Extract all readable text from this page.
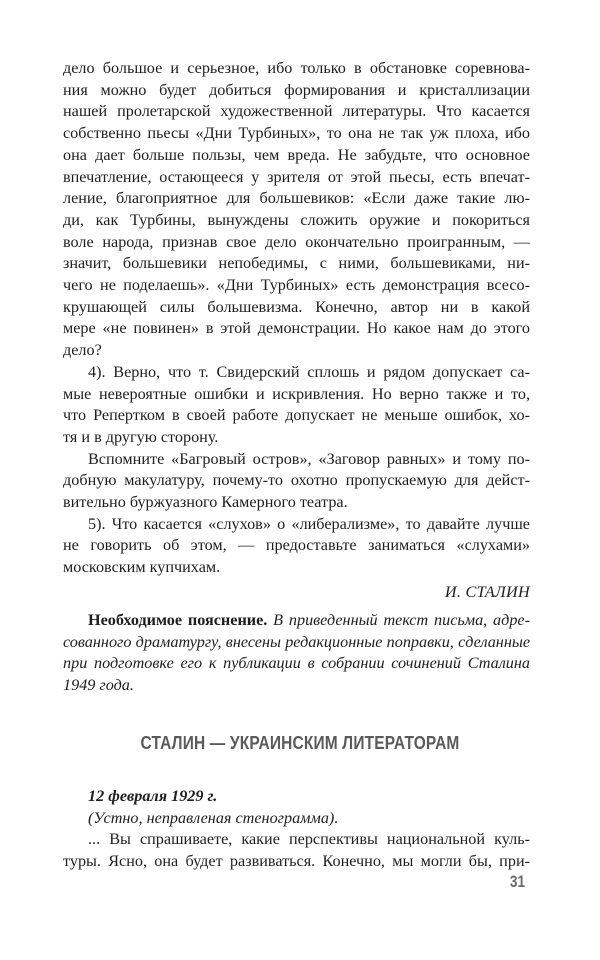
дело большое и серьезное, ибо только в обстановке соревнова-
ния можно будет добиться формирования и кристаллизации
нашей пролетарской художественной литературы. Что касается
собственно пьесы «Дни Турбиных», то она не так уж плоха, ибо
она дает больше пользы, чем вреда. Не забудьте, что основное
впечатление, остающееся у зрителя от этой пьесы, есть впечат-
ление, благоприятное для большевиков: «Если даже такие лю-
ди, как Турбины, вынуждены сложить оружие и покориться
воле народа, признав свое дело окончательно проигранным, —
значит, большевики непобедимы, с ними, большевиками, ни-
чего не поделаешь». «Дни Турбиных» есть демонстрация всесо-
крушающей силы большевизма. Конечно, автор ни в какой
мере «не повинен» в этой демонстрации. Но какое нам до этого
дело?

4). Верно, что т. Свидерский сплошь и рядом допускает са-
мые невероятные ошибки и искривления. Но верно также и то,
что Репертком в своей работе допускает не меньше ошибок, хо-
тя и в другую сторону.

Вспомните «Багровый остров», «Заговор равных» и тому по-
добную макулатуру, почему-то охотно пропускаемую для дейст-
вительно буржуазного Камерного театра.

5). Что касается «слухов» о «либерализме», то давайте лучше
не говорить об этом, — предоставьте заниматься «слухами»
московским купчихам.

И. СТАЛИН

Необходимое пояснение. В приведенный текст письма, адре-
сованного драматургу, внесены редакционные поправки, сделанные
при подготовке его к публикации в собрании сочинений Сталина
1949 года.

СТАЛИН — УКРАИНСКИМ ЛИТЕРАТОРАМ

12 февраля 1929 г.
(Устно, неправленая стенограмма).
... Вы спрашиваете, какие перспективы национальной куль-
туры. Ясно, она будет развиваться. Конечно, мы могли бы, при-

31
